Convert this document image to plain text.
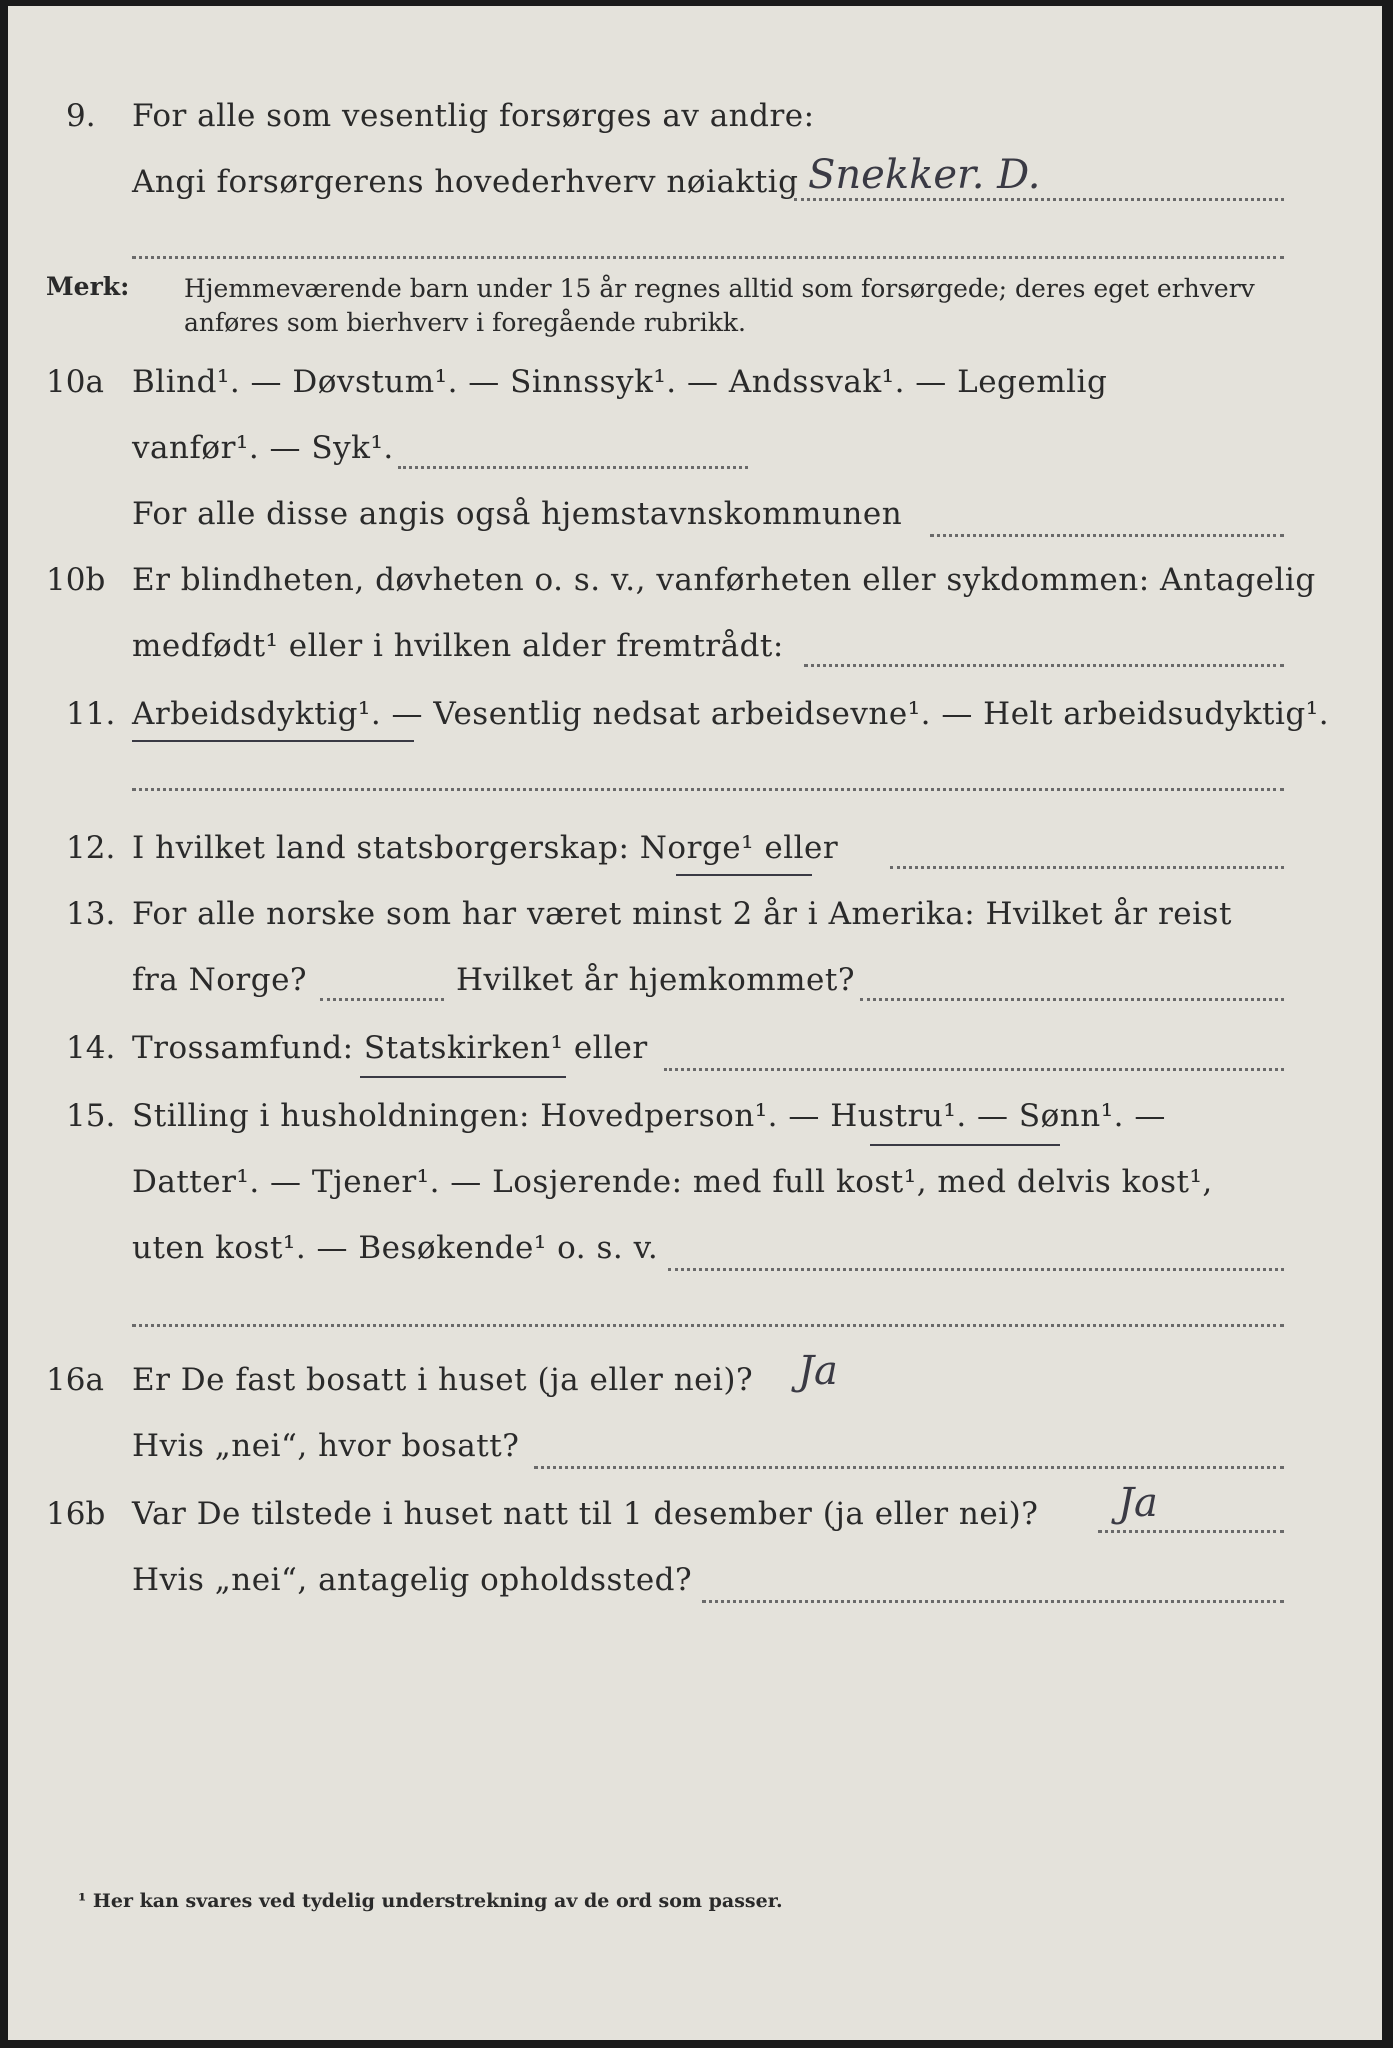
9. For alle som vesentlig forsørges av andre:
Angi forsørgerens hovederhverv nøiaktig Snekker. D.
Merk: Hjemmeværende barn under 15 år regnes alltid som forsørgede; deres eget erhverv anføres som bierhverv i foregående rubrikk.
10a Blind¹. — Døvstum¹. — Sinnssyk¹. — Andssvak¹. — Legemlig
vanfør¹. — Syk¹.
For alle disse angis også hjemstavnskommunen
10b Er blindheten, døvheten o. s. v., vanførheten eller sykdommen: Antagelig
medfødt¹ eller i hvilken alder fremtrådt:
11. Arbeidsdyktig¹. — Vesentlig nedsat arbeidsevne¹. — Helt arbeidsudyktig¹.
12. I hvilket land statsborgerskap: Norge¹ eller
13. For alle norske som har været minst 2 år i Amerika: Hvilket år reist
fra Norge?	Hvilket år hjemkommet?
14. Trossamfund: Statskirken¹ eller
15. Stilling i husholdningen: Hovedperson¹. — Hustru¹. — Sønn¹. —
Datter¹. — Tjener¹. — Losjerende: med full kost¹, med delvis kost¹,
uten kost¹. — Besøkende¹ o. s. v.
16a Er De fast bosatt i huset (ja eller nei)? Ja
Hvis „nei“, hvor bosatt?
16b Var De tilstede i huset natt til 1 desember (ja eller nei)? Ja
Hvis „nei“, antagelig opholdssted?
¹ Her kan svares ved tydelig understrekning av de ord som passer.
